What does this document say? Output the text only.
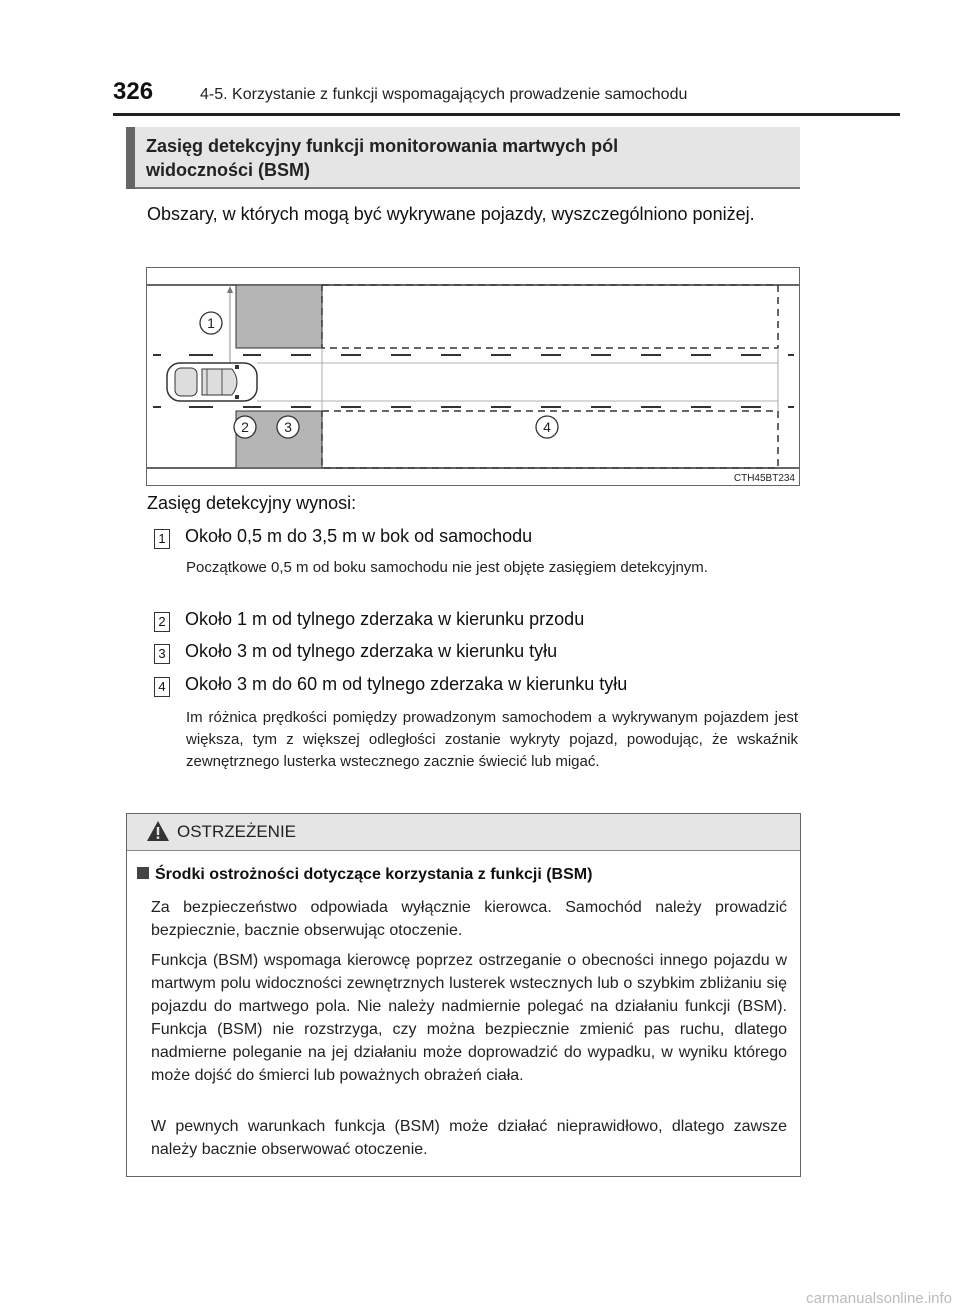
326	4-5. Korzystanie z funkcji wspomagających prowadzenie samochodu
Zasięg detekcyjny funkcji monitorowania martwych pól
widoczności (BSM)
Obszary, w których mogą być wykrywane pojazdy, wyszczególniono poniżej.
1
2	3	4
CTH45BT234
Zasięg detekcyjny wynosi:
1 Około 0,5 m do 3,5 m w bok od samochodu
Początkowe 0,5 m od boku samochodu nie jest objęte zasięgiem detekcyjnym.
2 Około 1 m od tylnego zderzaka w kierunku przodu
3 Około 3 m od tylnego zderzaka w kierunku tyłu
4 Około 3 m do 60 m od tylnego zderzaka w kierunku tyłu
Im różnica prędkości pomiędzy prowadzonym samochodem a wykrywanym pojazdem jest większa, tym z większej odległości zostanie wykryty pojazd, powodując, że wskaźnik zewnętrznego lusterka wstecznego zacznie świecić lub migać.
OSTRZEŻENIE
Środki ostrożności dotyczące korzystania z funkcji (BSM)
Za bezpieczeństwo odpowiada wyłącznie kierowca. Samochód należy prowadzić bezpiecznie, bacznie obserwując otoczenie.
Funkcja (BSM) wspomaga kierowcę poprzez ostrzeganie o obecności innego pojazdu w martwym polu widoczności zewnętrznych lusterek wstecznych lub o szybkim zbliżaniu się pojazdu do martwego pola. Nie należy nadmiernie polegać na działaniu funkcji (BSM). Funkcja (BSM) nie rozstrzyga, czy można bezpiecznie zmienić pas ruchu, dlatego nadmierne poleganie na jej działaniu może doprowadzić do wypadku, w wyniku którego może dojść do śmierci lub poważnych obrażeń ciała.
W pewnych warunkach funkcja (BSM) może działać nieprawidłowo, dlatego zawsze należy bacznie obserwować otoczenie.
carmanualsonline.info
